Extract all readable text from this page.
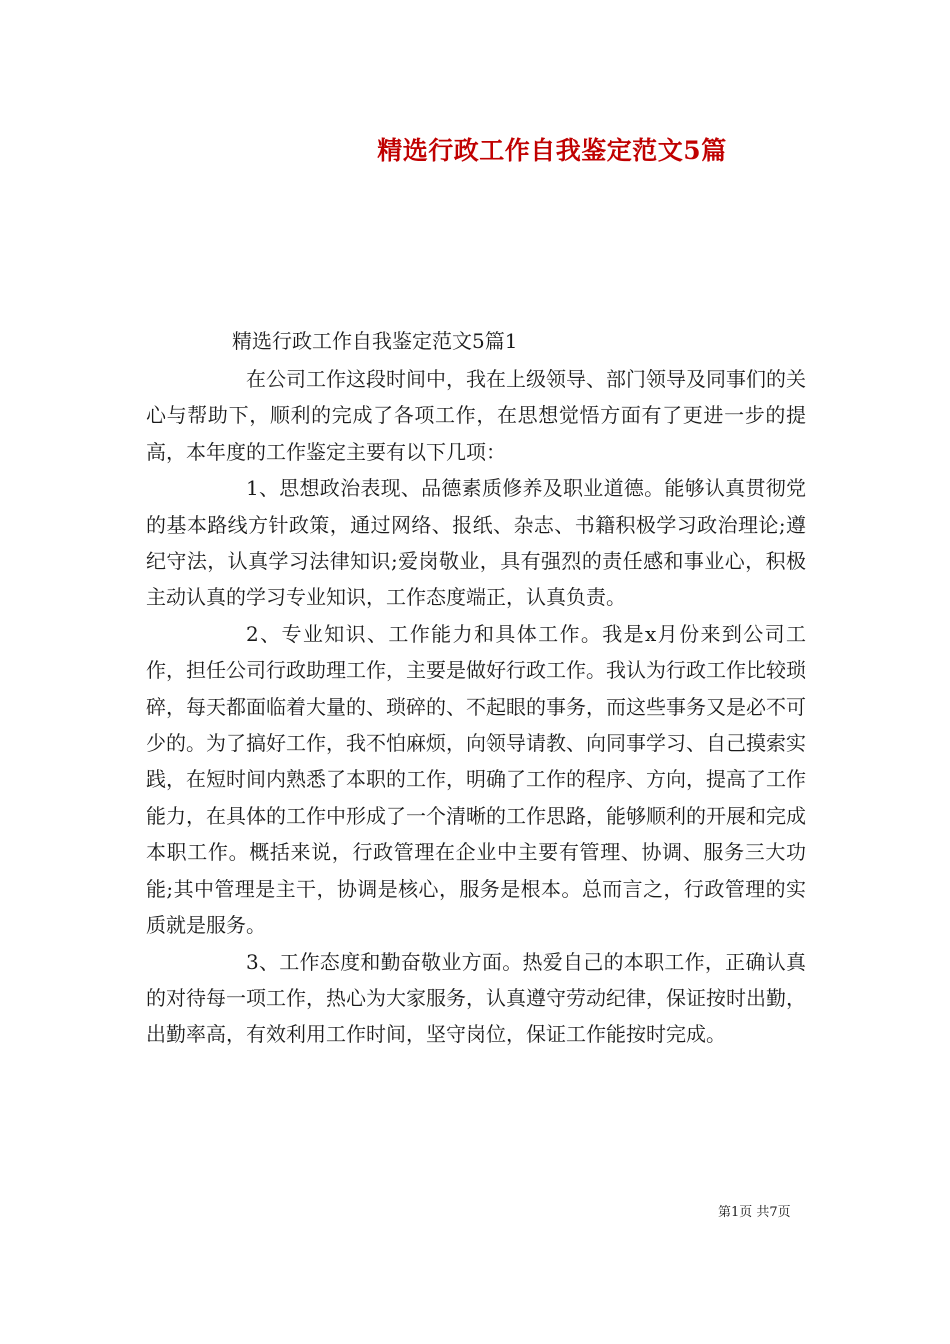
精选行政工作自我鉴定范文5篇
精选行政工作自我鉴定范文5篇1

在公司工作这段时间中，我在上级领导、部门领导及同事们的关心与帮助下，顺利的完成了各项工作，在思想觉悟方面有了更进一步的提高，本年度的工作鉴定主要有以下几项：

1、思想政治表现、品德素质修养及职业道德。能够认真贯彻党的基本路线方针政策，通过网络、报纸、杂志、书籍积极学习政治理论;遵纪守法，认真学习法律知识;爱岗敬业，具有强烈的责任感和事业心，积极主动认真的学习专业知识，工作态度端正，认真负责。

2、专业知识、工作能力和具体工作。我是x月份来到公司工作，担任公司行政助理工作，主要是做好行政工作。我认为行政工作比较琐碎，每天都面临着大量的、琐碎的、不起眼的事务，而这些事务又是必不可少的。为了搞好工作，我不怕麻烦，向领导请教、向同事学习、自己摸索实践，在短时间内熟悉了本职的工作，明确了工作的程序、方向，提高了工作能力，在具体的工作中形成了一个清晰的工作思路，能够顺利的开展和完成本职工作。概括来说，行政管理在企业中主要有管理、协调、服务三大功能;其中管理是主干，协调是核心，服务是根本。总而言之，行政管理的实质就是服务。

3、工作态度和勤奋敬业方面。热爱自己的本职工作，正确认真的对待每一项工作，热心为大家服务，认真遵守劳动纪律，保证按时出勤，出勤率高，有效利用工作时间，坚守岗位，保证工作能按时完成。

第1页 共7页
